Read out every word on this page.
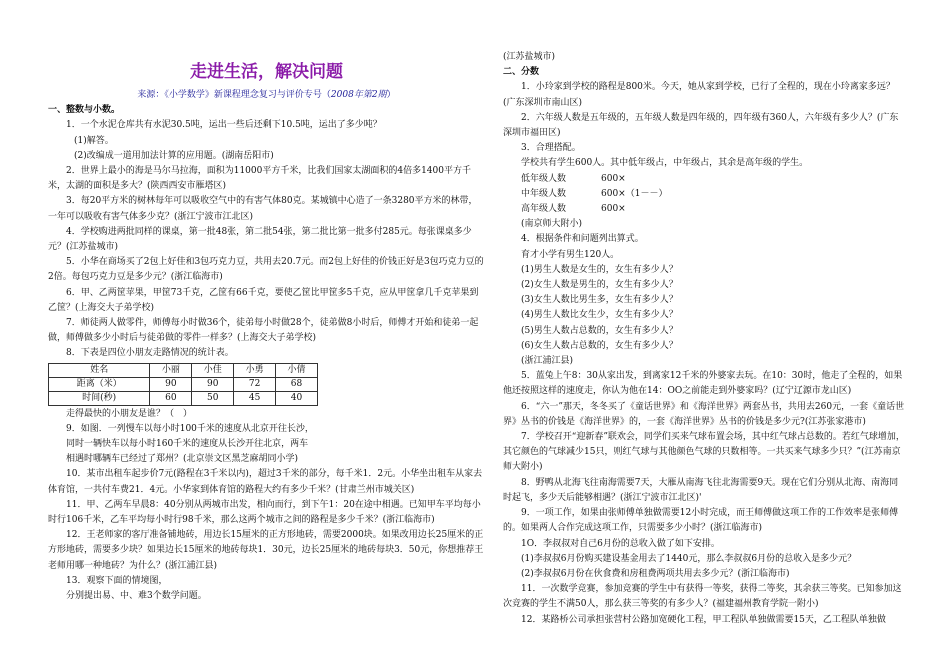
走进生活，解决问题
来源：《小学数学》新课程理念复习与评价专号（2008年第2期）

一、整数与小数。

1．一个水泥仓库共有水泥30.5吨，运出一些后还剩下10.5吨，运出了多少吨？

(1)解答。

(2)改编成一道用加法计算的应用题。(湖南岳阳市)

2．世界上最小的海是马尔马拉海，面积为11000平方千米，比我们国家太湖面积的4倍多1400平方千米，太湖的面积是多大？(陕西西安市雁塔区)

3．每20平方米的树林每年可以吸收空气中的有害气体80克。某城镇中心造了一条3280平方米的林带，一年可以吸收有害气体多少克？(浙江宁波市江北区)

4．学校购进两批同样的课桌，第一批48张，第二批54张，第二批比第一批多付285元。每张课桌多少元？(江苏盐城市)

5．小华在商场买了2包上好佳和3包巧克力豆，共用去20.7元。而2包上好佳的价钱正好是3包巧克力豆的2倍。每包巧克力豆是多少元？(浙江临海市)

6．甲、乙两筐苹果，甲筐73千克，乙筐有66千克，要使乙筐比甲筐多5千克，应从甲筐拿几千克苹果到乙筐？(上海交大子弟学校)

7．师徒两人做零件，师傅每小时做36个，徒弟每小时做28个，徒弟做8小时后，师傅才开始和徒弟一起做，师傅做多少小时后与徒弟做的零件一样多？(上海交大子弟学校)

8．下表是四位小朋友走路情况的统计表。

姓名	小丽	小佳	小勇	小倩
距离（米）	90	90	72	68
时间(秒)	60	50	45	40

走得最快的小朋友是谁？（　）

9．如图．一列慢车以每小时100千米的速度从北京开往长沙，

同时一辆快车以每小时160千米的速度从长沙开往北京，两车

相遇时哪辆车已经过了郑州？(北京崇文区黑芝麻胡同小学)

10．某市出租车起步价7元(路程在3千米以内)，超过3千米的部分，每千米1．2元。小华坐出租车从家去体育馆，一共付车费21．4元。小华家到体育馆的路程大约有多少千米？(甘肃兰州市城关区)

11．甲、乙两车早晨8：40分别从两城市出发，相向而行，到下午1：20在途中相遇。已知甲车平均每小时行106千米，乙车平均每小时行98千米，那么这两个城市之间的路程是多少千米？(浙江临海市)

12．王老师家的客厅准备铺地砖，用边长15厘米的正方形地砖，需要2000块。如果改用边长25厘米的正方形地砖，需要多少块？如果边长15厘米的地砖每块1．30元，边长25厘米的地砖每块3．50元，你想推荐王老师用哪一种地砖？为什么？(浙江浦江县)

13．观察下面的情境图，

分别提出易、中、难3个数学问题。

(江苏盐城市)

二、分数

1．小玲家到学校的路程是800米。今天，她从家到学校，已行了全程的，现在小玲离家多远？(广东深圳市南山区)

2．六年级人数是五年级的，五年级人数是四年级的，四年级有360人，六年级有多少人？(广东深圳市福田区)

3．合理搭配。

学校共有学生600人。其中低年级占，中年级占，其余是高年级的学生。

低年级人数	600×
中年级人数	600×（1－－）
高年级人数	600×

(南京师大附小)

4．根据条件和问题列出算式。

育才小学有男生120人。

(1)男生人数是女生的，女生有多少人？

(2)女生人数是男生的，女生有多少人？

(3)女生人数比男生多，女生有多少人？

(4)男生人数比女生少，女生有多少人？

(5)男生人数占总数的，女生有多少人？

(6)女生人数占总数的，女生有多少人？

(浙江浦江县)

5．蓝兔上午8：30从家出发，到离家12千米的外婆家去玩。在10：30时，他走了全程的，如果他还按照这样的速度走，你认为他在14：OO之前能走到外婆家吗？(辽宁辽源市龙山区)

6．“六一”那天，冬冬买了《童话世界》和《海洋世界》两套丛书，共用去260元，一套《童话世界》丛书的价钱是《海洋世界》的，一套《海洋世界》丛书的价钱是多少元?(江苏张家港市)

7．学校召开“迎新春”联欢会，同学们买来气球布置会场，其中红气球占总数的。若红气球增加，其它颜色的气球减少15只，则红气球与其他颜色气球的只数相等。一共买来气球多少只？”(江苏南京师大附小)

8．野鸭从北海飞往南海需要7天，大雁从南海飞往北海需要9天。现在它们分别从北海、南海同时起飞，多少天后能够相遇？(浙江宁波市江北区)'

9．一项工作，如果由张师傅单独做需要12小时完成，而王师傅做这项工作的工作效率是张师傅的。如果两人合作完成这项工作，只需要多少小时？(浙江临海市)

1O．李叔叔对自己6月份的总收入做了如下安排。

(1)李叔叔6月份购买建设基金用去了1440元，那么李叔叔6月份的总收入是多少元？

(2)李叔叔6月份在伙食费和房租费两项共用去多少元？(浙江临海市)

11．一次数学竞赛，参加竞赛的学生中有获得一等奖，获得二等奖，其余获三等奖。已知参加这次竞赛的学生不满50人，那么获三等奖的有多少人？(福建福州教育学院一附小)

12．某路桥公司承担张营村公路加宽硬化工程，甲工程队单独做需要15天，乙工程队单独做
